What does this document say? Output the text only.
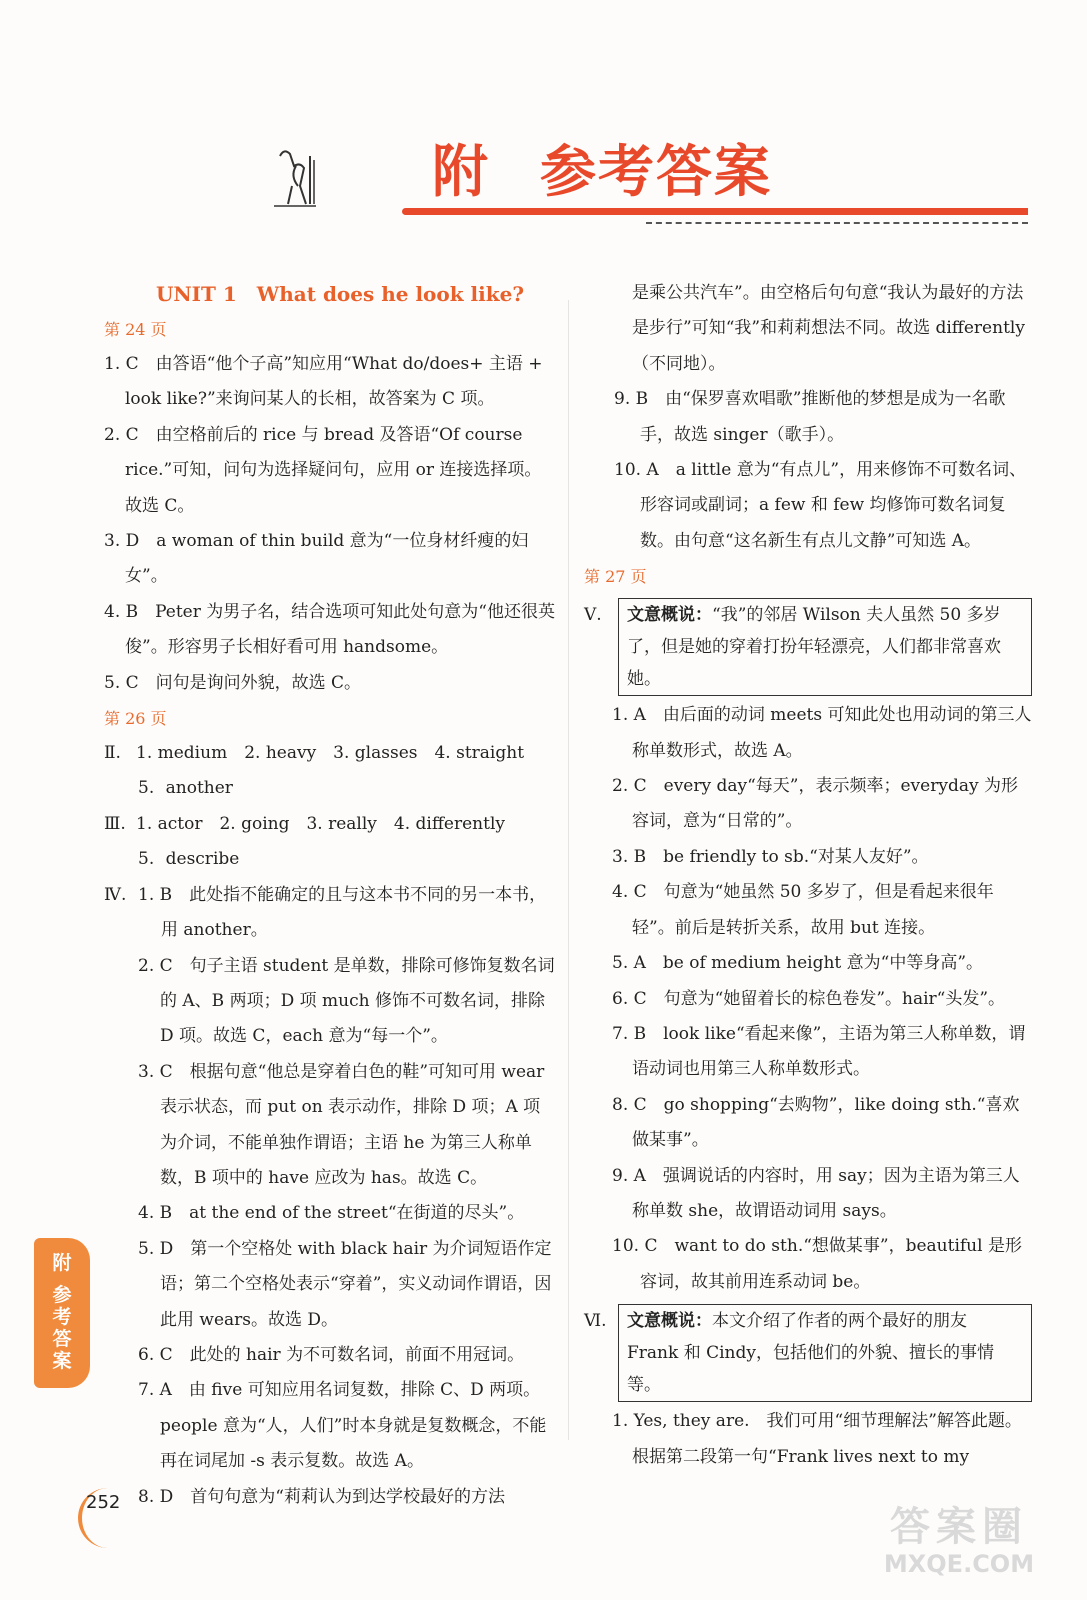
附 参考答案

UNIT 1　What does he look like?

第 24 页

1. C　由答语“他个子高”知应用“What do/does+ 主语 + look like?”来询问某人的长相，故答案为 C 项。

2. C　由空格前后的 rice 与 bread 及答语“Of course rice.”可知，问句为选择疑问句，应用 or 连接选择项。故选 C。

3. D　a woman of thin build 意为“一位身材纤瘦的妇女”。

4. B　Peter 为男子名，结合选项可知此处句意为“他还很英俊”。形容男子长相好看可用 handsome。

5. C　问句是询问外貌，故选 C。

第 26 页

Ⅱ. 1. medium　2. heavy　3. glasses　4. straight

5. another

Ⅲ. 1. actor　2. going　3. really　4. differently

5. describe

Ⅳ. 1. B　此处指不能确定的且与这本书不同的另一本书，用 another。

2. C　句子主语 student 是单数，排除可修饰复数名词的 A、B 两项；D 项 much 修饰不可数名词，排除 D 项。故选 C，each 意为“每一个”。

3. C　根据句意“他总是穿着白色的鞋”可知可用 wear 表示状态，而 put on 表示动作，排除 D 项；A 项为介词，不能单独作谓语；主语 he 为第三人称单数，B 项中的 have 应改为 has。故选 C。

4. B　at the end of the street“在街道的尽头”。

5. D　第一个空格处 with black hair 为介词短语作定语；第二个空格处表示“穿着”，实义动词作谓语，因此用 wears。故选 D。

6. C　此处的 hair 为不可数名词，前面不用冠词。

7. A　由 five 可知应用名词复数，排除 C、D 两项。people 意为“人，人们”时本身就是复数概念，不能再在词尾加 -s 表示复数。故选 A。

8. D　首句句意为“莉莉认为到达学校最好的方法

是乘公共汽车”。由空格后句句意“我认为最好的方法是步行”可知“我”和莉莉想法不同。故选 differently（不同地）。

9. B　由“保罗喜欢唱歌”推断他的梦想是成为一名歌手，故选 singer（歌手）。

10. A　a little 意为“有点儿”，用来修饰不可数名词、形容词或副词；a few 和 few 均修饰可数名词复数。由句意“这名新生有点儿文静”可知选 A。

第 27 页

Ⅴ.	文意概说：“我”的邻居 Wilson 夫人虽然 50 多岁了，但是她的穿着打扮年轻漂亮，人们都非常喜欢她。

1. A　由后面的动词 meets 可知此处也用动词的第三人称单数形式，故选 A。

2. C　every day“每天”，表示频率；everyday 为形容词，意为“日常的”。

3. B　be friendly to sb.“对某人友好”。

4. C　句意为“她虽然 50 多岁了，但是看起来很年轻”。前后是转折关系，故用 but 连接。

5. A　be of medium height 意为“中等身高”。

6. C　句意为“她留着长的棕色卷发”。hair“头发”。

7. B　look like“看起来像”，主语为第三人称单数，谓语动词也用第三人称单数形式。

8. C　go shopping“去购物”，like doing sth.“喜欢做某事”。

9. A　强调说话的内容时，用 say；因为主语为第三人称单数 she，故谓语动词用 says。

10. C　want to do sth.“想做某事”，beautiful 是形容词，故其前用连系动词 be。

Ⅵ.	文意概说：本文介绍了作者的两个最好的朋友 Frank 和 Cindy，包括他们的外貌、擅长的事情等。

1. Yes, they are.　我们可用“细节理解法”解答此题。根据第二段第一句“Frank lives next to my

附
参考答案
252
答案圈
MXQE.COM
